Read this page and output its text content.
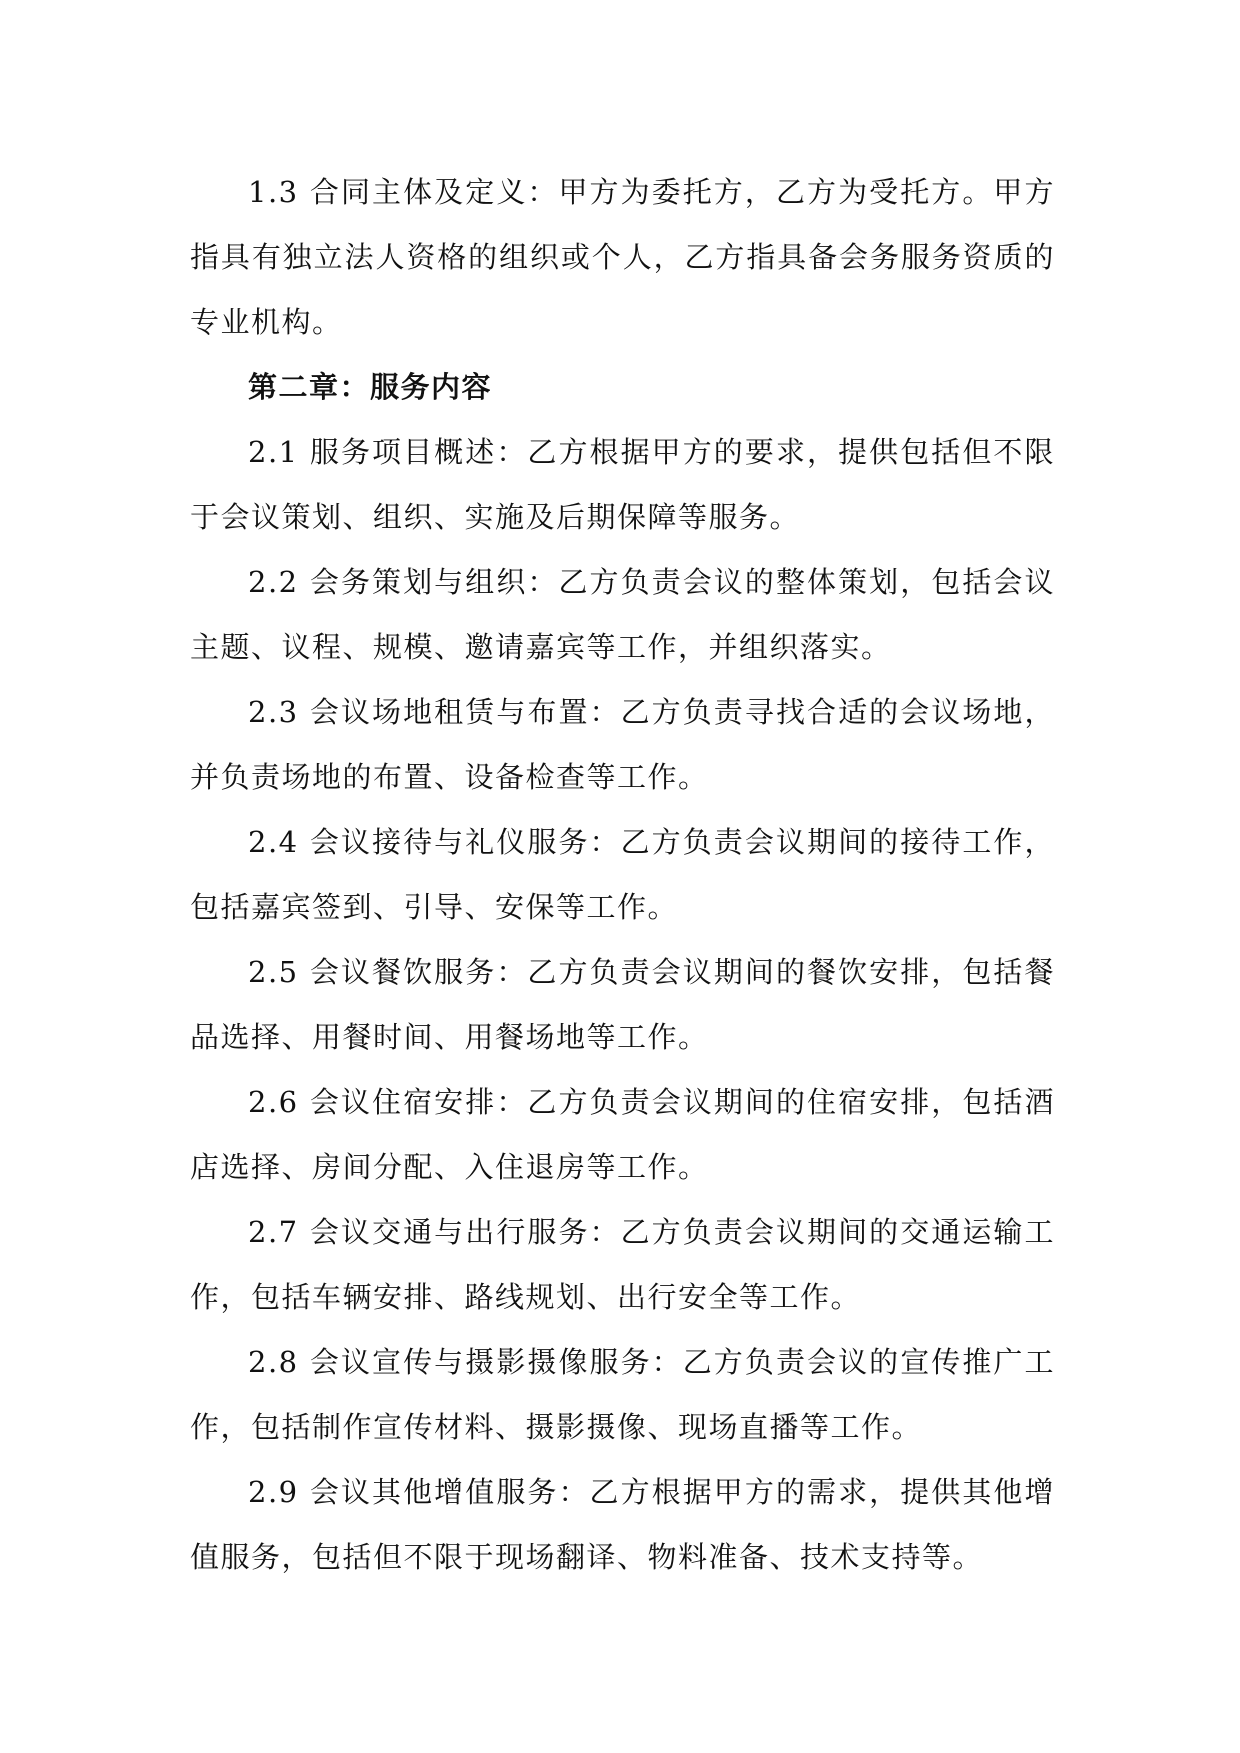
1.3 合同主体及定义：甲方为委托方，乙方为受托方。甲方指具有独立法人资格的组织或个人，乙方指具备会务服务资质的专业机构。

第二章：服务内容

2.1 服务项目概述：乙方根据甲方的要求，提供包括但不限于会议策划、组织、实施及后期保障等服务。

2.2 会务策划与组织：乙方负责会议的整体策划，包括会议主题、议程、规模、邀请嘉宾等工作，并组织落实。

2.3 会议场地租赁与布置：乙方负责寻找合适的会议场地，并负责场地的布置、设备检查等工作。

2.4 会议接待与礼仪服务：乙方负责会议期间的接待工作，包括嘉宾签到、引导、安保等工作。

2.5 会议餐饮服务：乙方负责会议期间的餐饮安排，包括餐品选择、用餐时间、用餐场地等工作。

2.6 会议住宿安排：乙方负责会议期间的住宿安排，包括酒店选择、房间分配、入住退房等工作。

2.7 会议交通与出行服务：乙方负责会议期间的交通运输工作，包括车辆安排、路线规划、出行安全等工作。

2.8 会议宣传与摄影摄像服务：乙方负责会议的宣传推广工作，包括制作宣传材料、摄影摄像、现场直播等工作。

2.9 会议其他增值服务：乙方根据甲方的需求，提供其他增值服务，包括但不限于现场翻译、物料准备、技术支持等。
